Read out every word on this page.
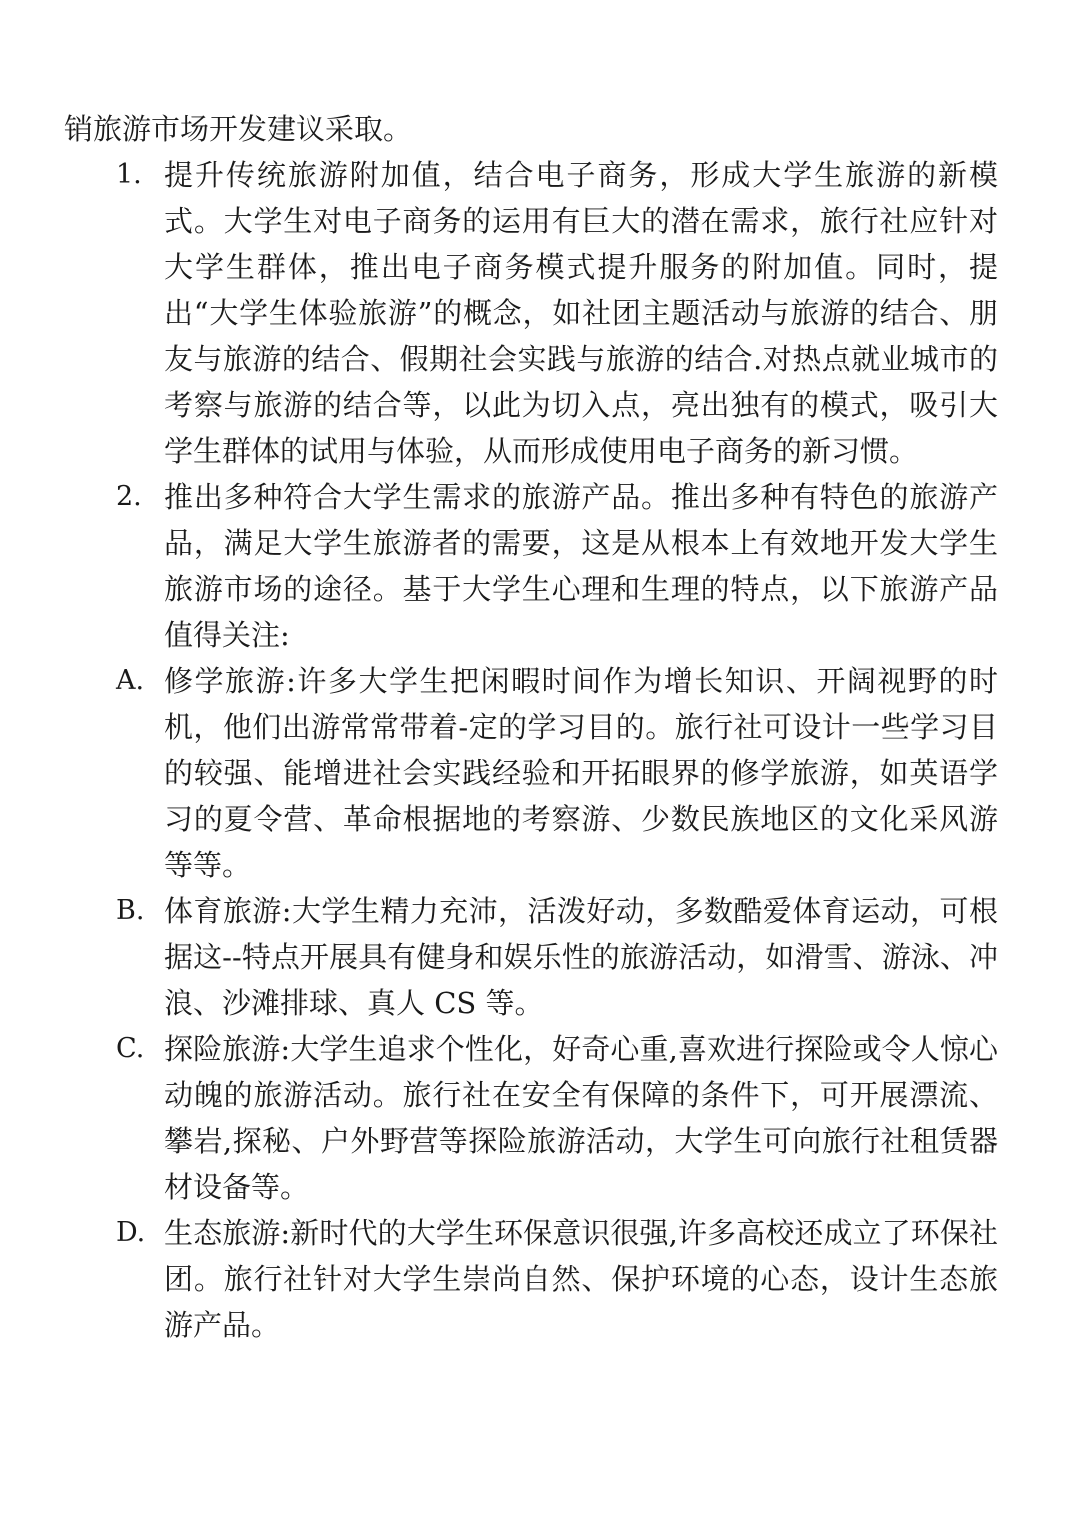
销旅游市场开发建议采取。

1. 提升传统旅游附加值，结合电子商务，形成大学生旅游的新模式。大学生对电子商务的运用有巨大的潜在需求，旅行社应针对大学生群体，推出电子商务模式提升服务的附加值。同时，提出“大学生体验旅游”的概念，如社团主题活动与旅游的结合、朋友与旅游的结合、假期社会实践与旅游的结合.对热点就业城市的考察与旅游的结合等，以此为切入点，亮出独有的模式，吸引大学生群体的试用与体验，从而形成使用电子商务的新习惯。
2. 推出多种符合大学生需求的旅游产品。推出多种有特色的旅游产品，满足大学生旅游者的需要，这是从根本上有效地开发大学生旅游市场的途径。基于大学生心理和生理的特点，以下旅游产品值得关注:
A. 修学旅游:许多大学生把闲暇时间作为增长知识、开阔视野的时机，他们出游常常带着-定的学习目的。旅行社可设计一些学习目的较强、能增进社会实践经验和开拓眼界的修学旅游，如英语学习的夏令营、革命根据地的考察游、少数民族地区的文化采风游等等。
B. 体育旅游:大学生精力充沛，活泼好动，多数酷爱体育运动，可根据这--特点开展具有健身和娱乐性的旅游活动，如滑雪、游泳、冲浪、沙滩排球、真人 CS 等。
C. 探险旅游:大学生追求个性化，好奇心重,喜欢进行探险或令人惊心动魄的旅游活动。旅行社在安全有保障的条件下，可开展漂流、攀岩,探秘、户外野营等探险旅游活动，大学生可向旅行社租赁器材设备等。
D. 生态旅游:新时代的大学生环保意识很强,许多高校还成立了环保社团。旅行社针对大学生崇尚自然、保护环境的心态，设计生态旅游产品。
